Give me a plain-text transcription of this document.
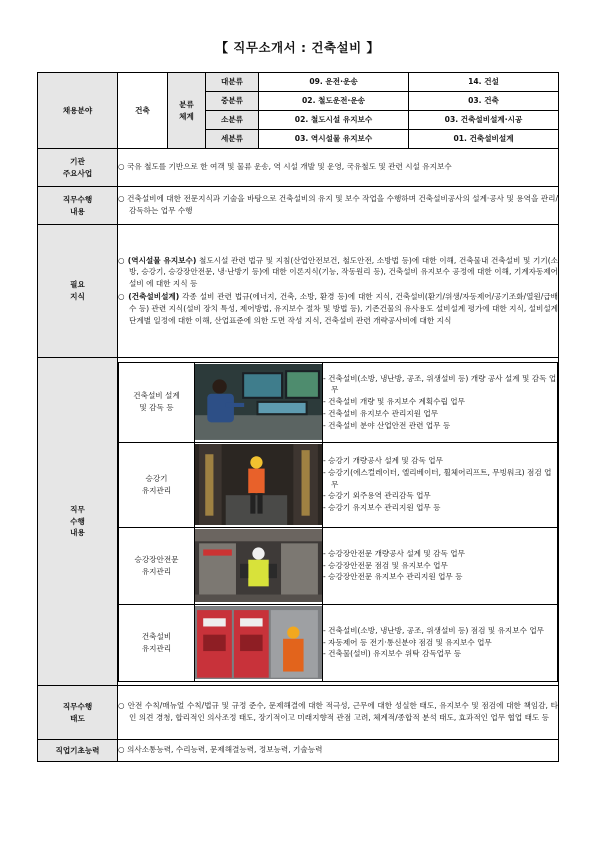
【 직무소개서 : 건축설비 】
채용분야	건축	분류
체계	대분류	09. 운전·운송	14. 건설
중분류	02. 철도운전·운송	03. 건축
소분류	02. 철도시설 유지보수	03. 건축설비설계·시공
세분류	03. 역시설물 유지보수	01. 건축설비설계
기관
주요사업	

○ 국유 철도를 기반으로 한 여객 및 물류 운송, 역 시설 개발 및 운영, 국유철도 및 관련 시설 유지보수

직무수행
내용	

○ 건축설비에 대한 전문지식과 기술을 바탕으로 건축설비의 유지 및 보수 작업을 수행하며 건축설비공사의 설계·공사 및 용역을 관리/감독하는 업무 수행

필요
지식	

○ (역시설물 유지보수) 철도시설 관련 법규 및 지침(산업안전보건, 철도안전, 소방법 등)에 대한 이해, 건축물내 건축설비 및 기기(소방, 승강기, 승강장안전문, 냉·난방기 등)에 대한 이론지식(기능, 작동원리 등), 건축설비 유지보수 공정에 대한 이해, 기계자동제어설비 에 대한 지식 등

○ (건축설비설계) 각종 설비 관련 법규(에너지, 건축, 소방, 환경 등)에 대한 지식, 건축설비(환기/위생/자동제어/공기조화/열원/급배수 등) 관련 지식(설비 장치 특성, 제어방법, 유지보수 절차 및 방법 등), 기존건물의 유사용도 설비설계 평가에 대한 지식, 설비설계 단계별 일정에 대한 이해, 산업표준에 의한 도면 작성 지식, 건축설비 관련 개략공사비에 대한 지식

직무
수행
내용	
건축설비 설계
및 감독 등	

- 건축설비(소방, 냉난방, 공조, 위생설비 등) 개량 공사 설계 및 감독 업무

- 건축설비 개량 및 유지보수 계획수립 업무

- 건축설비 유지보수 관리지원 업무

- 건축설비 분야 산업안전 관련 업무 등

승강기
유지관리	

- 승강기 개량공사 설계 및 감독 업무

- 승강기(에스컬레이터, 엘리베이터, 휠체어리프트, 무빙워크) 점검 업무

- 승강기 외주용역 관리감독 업무

- 승강기 유지보수 관리지원 업무 등

승강장안전문
유지관리	

- 승강장안전문 개량공사 설계 및 감독 업무

- 승강장안전문 점검 및 유지보수 업무

- 승강장안전문 유지보수 관리지원 업무 등

건축설비
유지관리	

- 건축설비(소방, 냉난방, 공조, 위생설비 등) 점검 및 유지보수 업무

- 자동제어 등 전기·통신분야 점검 및 유지보수 업무

- 건축물(설비) 유지보수 위탁 감독업무 등

직무수행
태도	

○ 안전 수칙/매뉴얼 수칙/법규 및 규정 준수, 문제해결에 대한 적극성, 근무에 대한 성실한 태도, 유지보수 및 점검에 대한 책임감, 타인 의견 경청, 합리적인 의사조정 태도, 장기적이고 미래지향적 관점 고려, 체계적/종합적 분석 태도, 효과적인 업무 협업 태도 등

직업기초능력	○ 의사소통능력, 수리능력, 문제해결능력, 정보능력, 기술능력
